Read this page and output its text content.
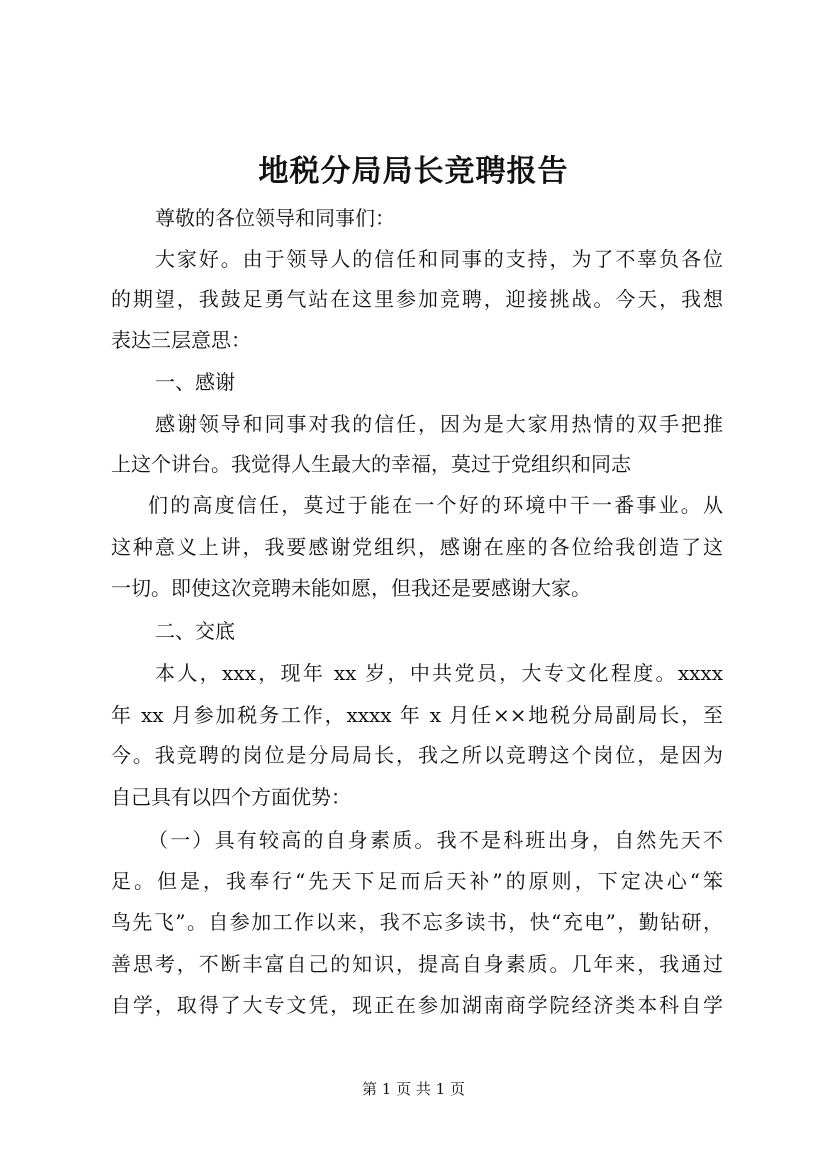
地税分局局长竞聘报告

尊敬的各位领导和同事们：

大家好。由于领导人的信任和同事的支持，为了不辜负各位

的期望，我鼓足勇气站在这里参加竞聘，迎接挑战。今天，我想

表达三层意思：

一、感谢

感谢领导和同事对我的信任，因为是大家用热情的双手把推

上这个讲台。我觉得人生最大的幸福，莫过于党组织和同志

们的高度信任，莫过于能在一个好的环境中干一番事业。从

这种意义上讲，我要感谢党组织，感谢在座的各位给我创造了这

一切。即使这次竞聘未能如愿，但我还是要感谢大家。

二、交底

本人，xxx，现年 xx 岁，中共党员，大专文化程度。xxxx

年 xx 月参加税务工作，xxxx 年 x 月任××地税分局副局长，至

今。我竞聘的岗位是分局局长，我之所以竞聘这个岗位，是因为

自己具有以四个方面优势：

（一）具有较高的自身素质。我不是科班出身，自然先天不

足。但是，我奉行“先天下足而后天补”的原则，下定决心“笨

鸟先飞”。自参加工作以来，我不忘多读书，快“充电”，勤钻研，

善思考，不断丰富自己的知识，提高自身素质。几年来，我通过

自学，取得了大专文凭，现正在参加湖南商学院经济类本科自学

第 1 页 共 1 页
